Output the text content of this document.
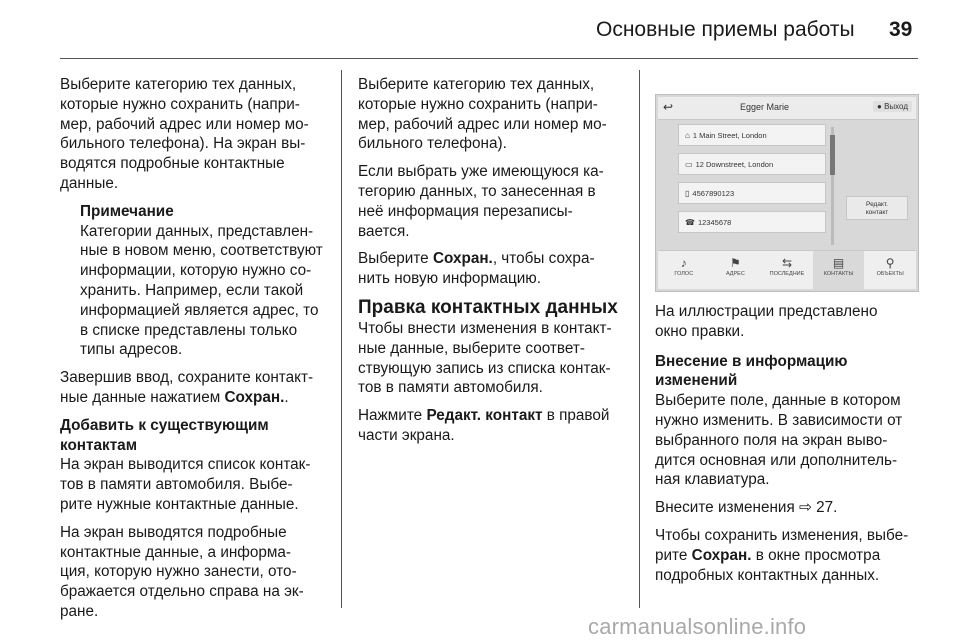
Основные приемы работы 39

Выберите категорию тех данных,
которые нужно сохранить (напри-
мер, рабочий адрес или номер мо-
бильного телефона). На экран вы-
водятся подробные контактные
данные.

Примечание
Категории данных, представлен-
ные в новом меню, соответствуют
информации, которую нужно со-
хранить. Например, если такой
информацией является адрес, то
в списке представлены только
типы адресов.

Завершив ввод, сохраните контакт-
ные данные нажатием Сохран..

Добавить к существующим
контактам

На экран выводится список контак-
тов в памяти автомобиля. Выбе-
рите нужные контактные данные.

На экран выводятся подробные
контактные данные, а информа-
ция, которую нужно занести, ото-
бражается отдельно справа на эк-
ране.

Выберите категорию тех данных,
которые нужно сохранить (напри-
мер, рабочий адрес или номер мо-
бильного телефона).

Если выбрать уже имеющуюся ка-
тегорию данных, то занесенная в
неё информация перезаписы-
вается.

Выберите Сохран., чтобы сохра-
нить новую информацию.

Правка контактных данных

Чтобы внести изменения в контакт-
ные данные, выберите соответ-
ствующую запись из списка контак-
тов в памяти автомобиля.

Нажмите Редакт. контакт в правой
части экрана.

↩	Egger Marie	● Выход
⌂ 1 Main Street, London
▭ 12 Downstreet, London
▯ 4567890123
☎ 12345678
Редакт.
контакт
♪
ГОЛОС
⚑
АДРЕС
⇆
ПОСЛЕДНИЕ
▤
КОНТАКТЫ
⚲
ОБЪЕКТЫ

На иллюстрации представлено
окно правки.

Внесение в информацию
изменений

Выберите поле, данные в котором
нужно изменить. В зависимости от
выбранного поля на экран выво-
дится основная или дополнитель-
ная клавиатура.

Внесите изменения ⇨ 27.

Чтобы сохранить изменения, выбе-
рите Сохран. в окне просмотра
подробных контактных данных.

carmanualsonline.info
